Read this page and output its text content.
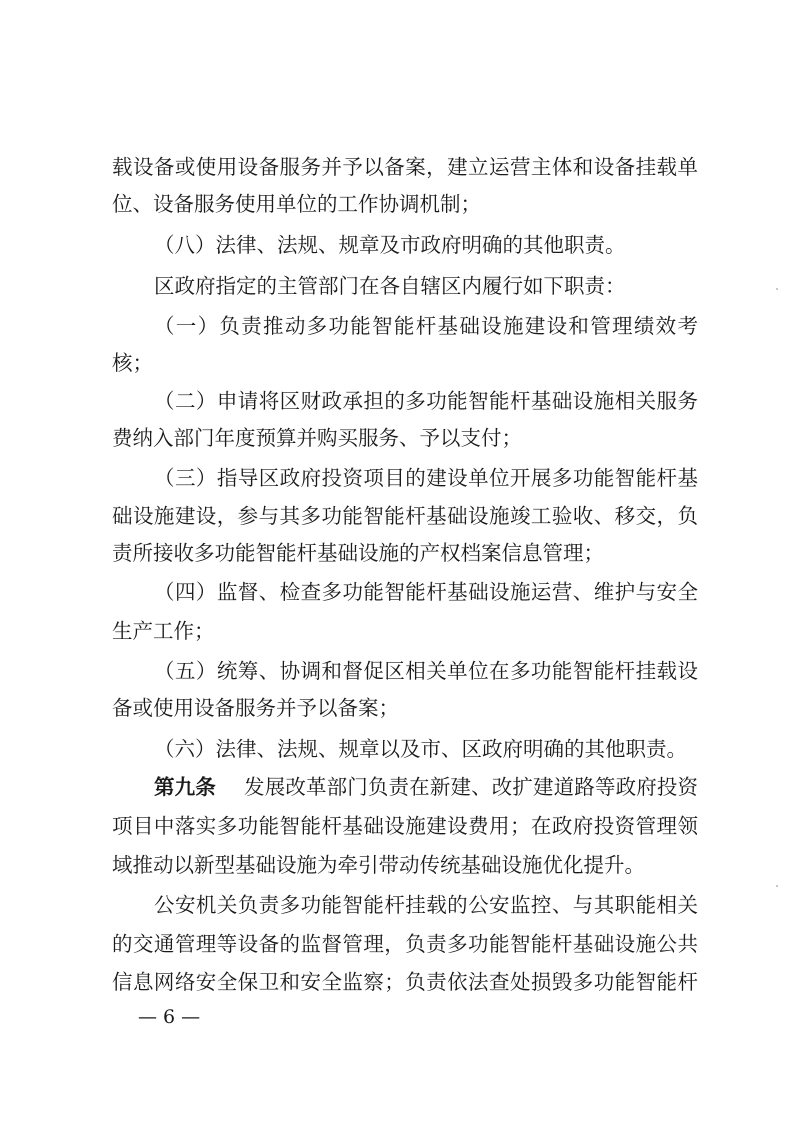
载设备或使用设备服务并予以备案，建立运营主体和设备挂载单
位、设备服务使用单位的工作协调机制；
（八）法律、法规、规章及市政府明确的其他职责。
区政府指定的主管部门在各自辖区内履行如下职责：
（一）负责推动多功能智能杆基础设施建设和管理绩效考
核；
（二）申请将区财政承担的多功能智能杆基础设施相关服务
费纳入部门年度预算并购买服务、予以支付；
（三）指导区政府投资项目的建设单位开展多功能智能杆基
础设施建设，参与其多功能智能杆基础设施竣工验收、移交，负
责所接收多功能智能杆基础设施的产权档案信息管理；
（四）监督、检查多功能智能杆基础设施运营、维护与安全
生产工作；
（五）统筹、协调和督促区相关单位在多功能智能杆挂载设
备或使用设备服务并予以备案；
（六）法律、法规、规章以及市、区政府明确的其他职责。
第九条 发展改革部门负责在新建、改扩建道路等政府投资
项目中落实多功能智能杆基础设施建设费用；在政府投资管理领
域推动以新型基础设施为牵引带动传统基础设施优化提升。
公安机关负责多功能智能杆挂载的公安监控、与其职能相关
的交通管理等设备的监督管理，负责多功能智能杆基础设施公共
信息网络安全保卫和安全监察；负责依法查处损毁多功能智能杆
— 6 —
